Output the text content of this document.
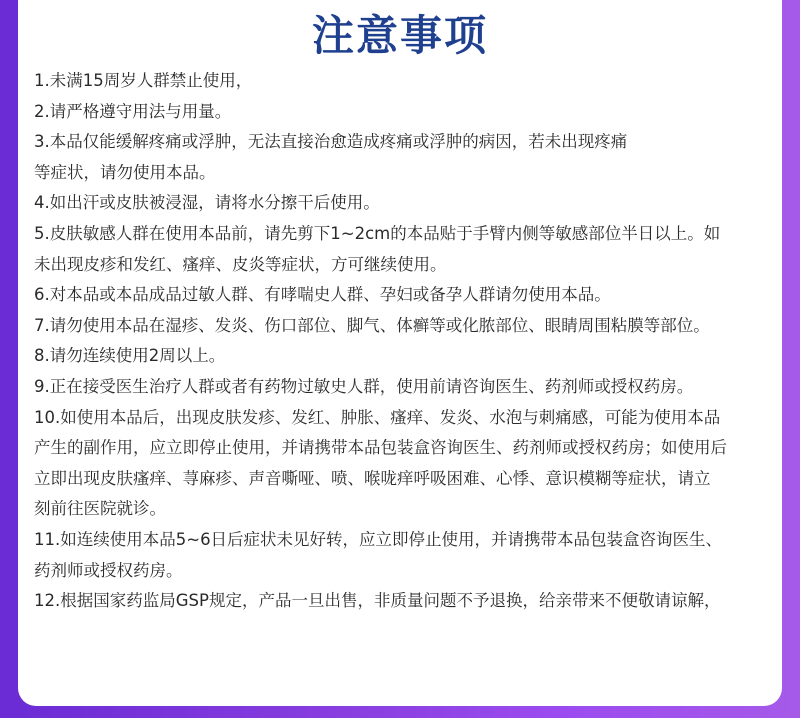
注意事项
1.未满15周岁人群禁止使用，
2.请严格遵守用法与用量。
3.本品仅能缓解疼痛或浮肿，无法直接治愈造成疼痛或浮肿的病因，若未出现疼痛
等症状，请勿使用本品。
4.如出汗或皮肤被浸湿，请将水分擦干后使用。
5.皮肤敏感人群在使用本品前，请先剪下1~2cm的本品贴于手臂内侧等敏感部位半日以上。如
未出现皮疹和发红、瘙痒、皮炎等症状，方可继续使用。
6.对本品或本品成品过敏人群、有哮喘史人群、孕妇或备孕人群请勿使用本品。
7.请勿使用本品在湿疹、发炎、伤口部位、脚气、体癣等或化脓部位、眼睛周围粘膜等部位。
8.请勿连续使用2周以上。
9.正在接受医生治疗人群或者有药物过敏史人群，使用前请咨询医生、药剂师或授权药房。
10.如使用本品后，出现皮肤发疹、发红、肿胀、瘙痒、发炎、水泡与刺痛感，可能为使用本品
产生的副作用，应立即停止使用，并请携带本品包装盒咨询医生、药剂师或授权药房；如使用后
立即出现皮肤瘙痒、荨麻疹、声音嘶哑、喷、喉咙痒呼吸困难、心悸、意识模糊等症状，请立
刻前往医院就诊。
11.如连续使用本品5~6日后症状未见好转，应立即停止使用，并请携带本品包装盒咨询医生、
药剂师或授权药房。
12.根据国家药监局GSP规定，产品一旦出售，非质量问题不予退换，给亲带来不便敬请谅解，
